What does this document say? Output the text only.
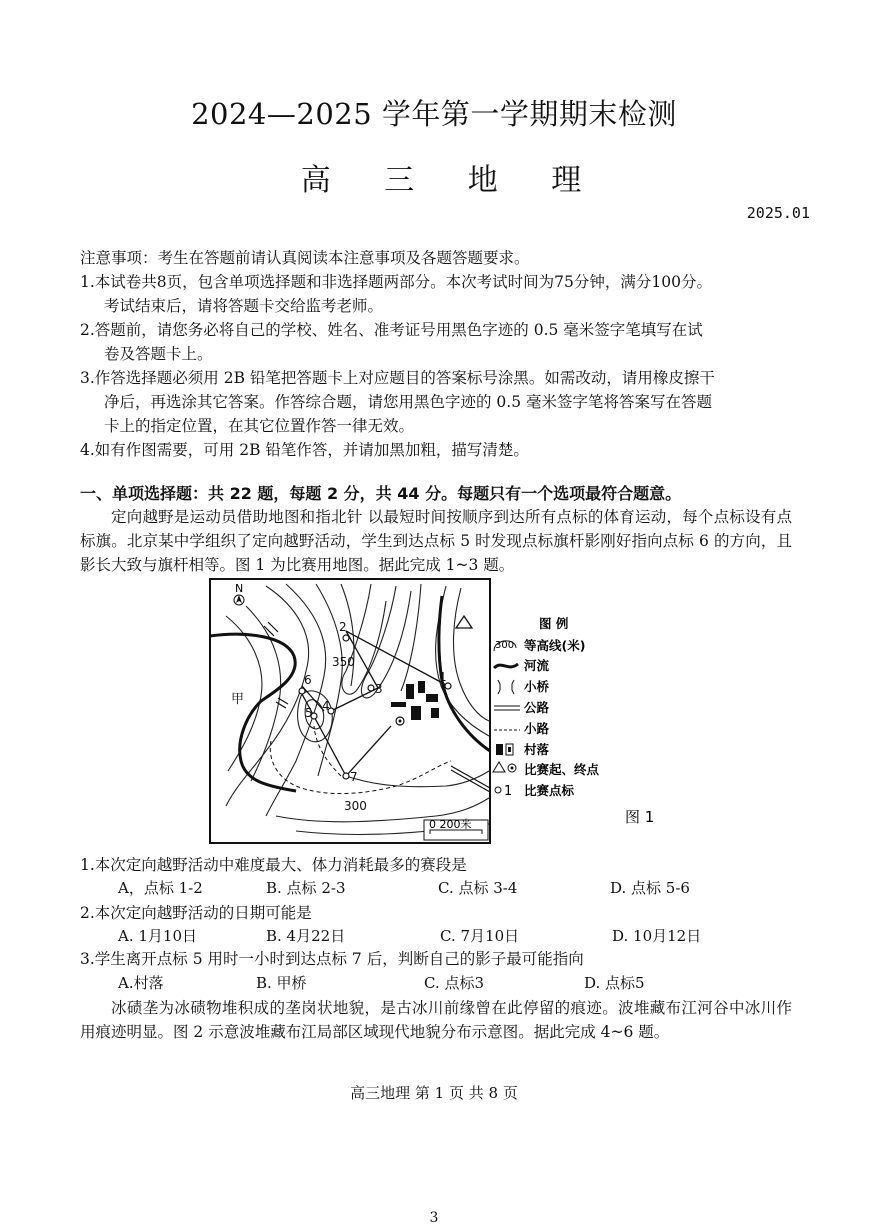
2024—2025 学年第一学期期末检测
高 三 地 理
2025.01
注意事项：考生在答题前请认真阅读本注意事项及各题答题要求。
1.本试卷共8页，包含单项选择题和非选择题两部分。本次考试时间为75分钟，满分100分。
考试结束后，请将答题卡交给监考老师。
2.答题前，请您务必将自己的学校、姓名、准考证号用黑色字迹的 0.5 毫米签字笔填写在试
卷及答题卡上。
3.作答选择题必须用 2B 铅笔把答题卡上对应题目的答案标号涂黑。如需改动，请用橡皮擦干
净后，再选涂其它答案。作答综合题，请您用黑色字迹的 0.5 毫米签字笔将答案写在答题
卡上的指定位置，在其它位置作答一律无效。
4.如有作图需要，可用 2B 铅笔作答，并请加黑加粗，描写清楚。
一、单项选择题：共 22 题，每题 2 分，共 44 分。每题只有一个选项最符合题意。
定向越野是运动员借助地图和指北针 以最短时间按顺序到达所有点标的体育运动，每个点标设有点标旗。北京某中学组织了定向越野活动，学生到达点标 5 时发现点标旗杆影刚好指向点标 6 的方向，且影长大致与旗杆相等。图 1 为比赛用地图。据此完成 1~3 题。
N
350
300
甲
1
2
3
4
5
6
7
0 200米
图 例
300 等高线(米)
河流
小桥
公路
小路
村落
比赛起、终点
1 比赛点标
图 1
1.本次定向越野活动中难度最大、体力消耗最多的赛段是
A，点标 1-2	B. 点标 2-3	C. 点标 3-4	D. 点标 5-6
2.本次定向越野活动的日期可能是
A. 1月10日	B. 4月22日	C. 7月10日	D. 10月12日
3.学生离开点标 5 用时一小时到达点标 7 后，判断自己的影子最可能指向
A.村落	B. 甲桥	C. 点标3	D. 点标5
冰碛垄为冰碛物堆积成的垄岗状地貌，是古冰川前缘曾在此停留的痕迹。波堆藏布江河谷中冰川作用痕迹明显。图 2 示意波堆藏布江局部区域现代地貌分布示意图。据此完成 4~6 题。
高三地理 第 1 页 共 8 页
3
